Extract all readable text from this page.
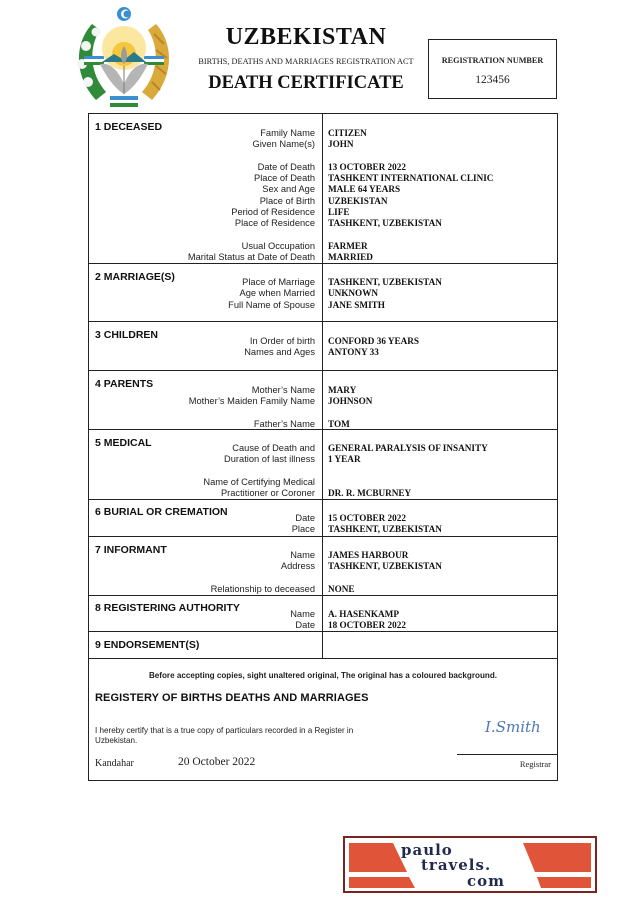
UZBEKISTAN
BIRTHS, DEATHS AND MARRIAGES REGISTRATION ACT
DEATH CERTIFICATE
REGISTRATION NUMBER
123456
1 DECEASED	Family Name CITIZEN
Given Name(s) JOHN
Date of Death 13 OCTOBER 2022
Place of Death TASHKENT INTERNATIONAL CLINIC
Sex and Age MALE 64 YEARS
Place of Birth UZBEKISTAN
Period of Residence LIFE
Place of Residence TASHKENT, UZBEKISTAN
Usual Occupation FARMER
Marital Status at Date of Death MARRIED
2 MARRIAGE(S)	Place of Marriage TASHKENT, UZBEKISTAN
Age when Married UNKNOWN
Full Name of Spouse JANE SMITH
3 CHILDREN	In Order of birth CONFORD 36 YEARS
Names and Ages ANTONY 33
4 PARENTS	Mother’s Name MARY
Mother’s Maiden Family Name JOHNSON
Father’s Name TOM
5 MEDICAL	Cause of Death and GENERAL PARALYSIS OF INSANITY
Duration of last illness 1 YEAR
Name of Certifying Medical
Practitioner or Coroner DR. R. MCBURNEY
6 BURIAL OR CREMATION	Date 15 OCTOBER 2022
Place TASHKENT, UZBEKISTAN
7 INFORMANT	Name JAMES HARBOUR
Address TASHKENT, UZBEKISTAN
Relationship to deceased NONE
8 REGISTERING AUTHORITY	Name A. HASENKAMP
Date 18 OCTOBER 2022
9 ENDORSEMENT(S)
Before accepting copies, sight unaltered original, The original has a coloured background.
REGISTERY OF BIRTHS DEATHS AND MARRIAGES
I hereby certify that is a true copy of particulars recorded in a Register in Uzbekistan.
Kandahar	20 October 2022
I.Smith
Registrar
paulo
travels.
com
